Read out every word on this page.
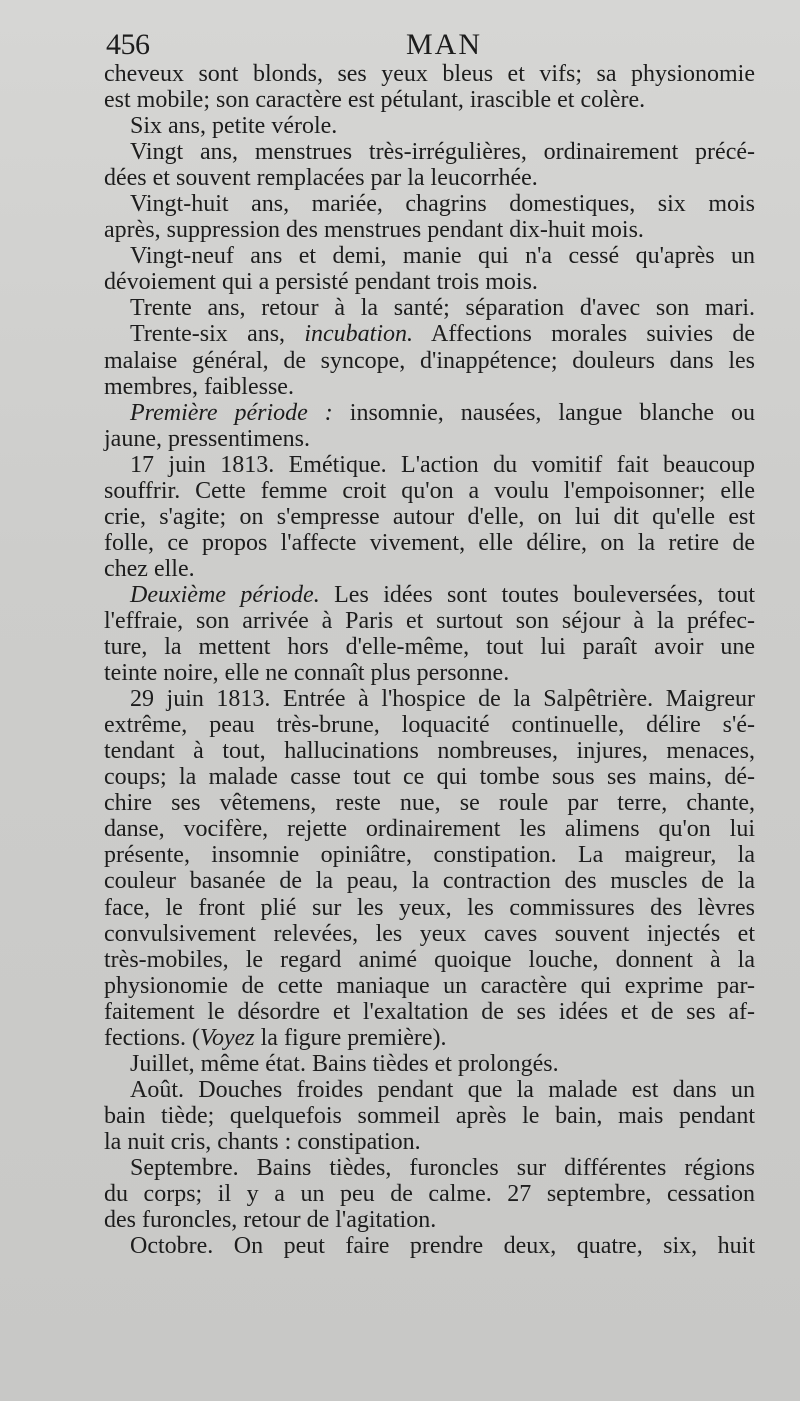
456	MAN
cheveux sont blonds, ses yeux bleus et vifs; sa physionomie
est mobile; son caractère est pétulant, irascible et colère.
Six ans, petite vérole.
Vingt ans, menstrues très-irrégulières, ordinairement précé-
dées et souvent remplacées par la leucorrhée.
Vingt-huit ans, mariée, chagrins domestiques, six mois
après, suppression des menstrues pendant dix-huit mois.
Vingt-neuf ans et demi, manie qui n'a cessé qu'après un
dévoiement qui a persisté pendant trois mois.
Trente ans, retour à la santé; séparation d'avec son mari.
Trente-six ans, incubation. Affections morales suivies de
malaise général, de syncope, d'inappétence; douleurs dans les
membres, faiblesse.
Première période : insomnie, nausées, langue blanche ou
jaune, pressentimens.
17 juin 1813. Emétique. L'action du vomitif fait beaucoup
souffrir. Cette femme croit qu'on a voulu l'empoisonner; elle
crie, s'agite; on s'empresse autour d'elle, on lui dit qu'elle est
folle, ce propos l'affecte vivement, elle délire, on la retire de
chez elle.
Deuxième période. Les idées sont toutes bouleversées, tout
l'effraie, son arrivée à Paris et surtout son séjour à la préfec-
ture, la mettent hors d'elle-même, tout lui paraît avoir une
teinte noire, elle ne connaît plus personne.
29 juin 1813. Entrée à l'hospice de la Salpêtrière. Maigreur
extrême, peau très-brune, loquacité continuelle, délire s'é-
tendant à tout, hallucinations nombreuses, injures, menaces,
coups; la malade casse tout ce qui tombe sous ses mains, dé-
chire ses vêtemens, reste nue, se roule par terre, chante,
danse, vocifère, rejette ordinairement les alimens qu'on lui
présente, insomnie opiniâtre, constipation. La maigreur, la
couleur basanée de la peau, la contraction des muscles de la
face, le front plié sur les yeux, les commissures des lèvres
convulsivement relevées, les yeux caves souvent injectés et
très-mobiles, le regard animé quoique louche, donnent à la
physionomie de cette maniaque un caractère qui exprime par-
faitement le désordre et l'exaltation de ses idées et de ses af-
fections. (Voyez la figure première).
Juillet, même état. Bains tièdes et prolongés.
Août. Douches froides pendant que la malade est dans un
bain tiède; quelquefois sommeil après le bain, mais pendant
la nuit cris, chants : constipation.
Septembre. Bains tièdes, furoncles sur différentes régions
du corps; il y a un peu de calme. 27 septembre, cessation
des furoncles, retour de l'agitation.
Octobre. On peut faire prendre deux, quatre, six, huit
